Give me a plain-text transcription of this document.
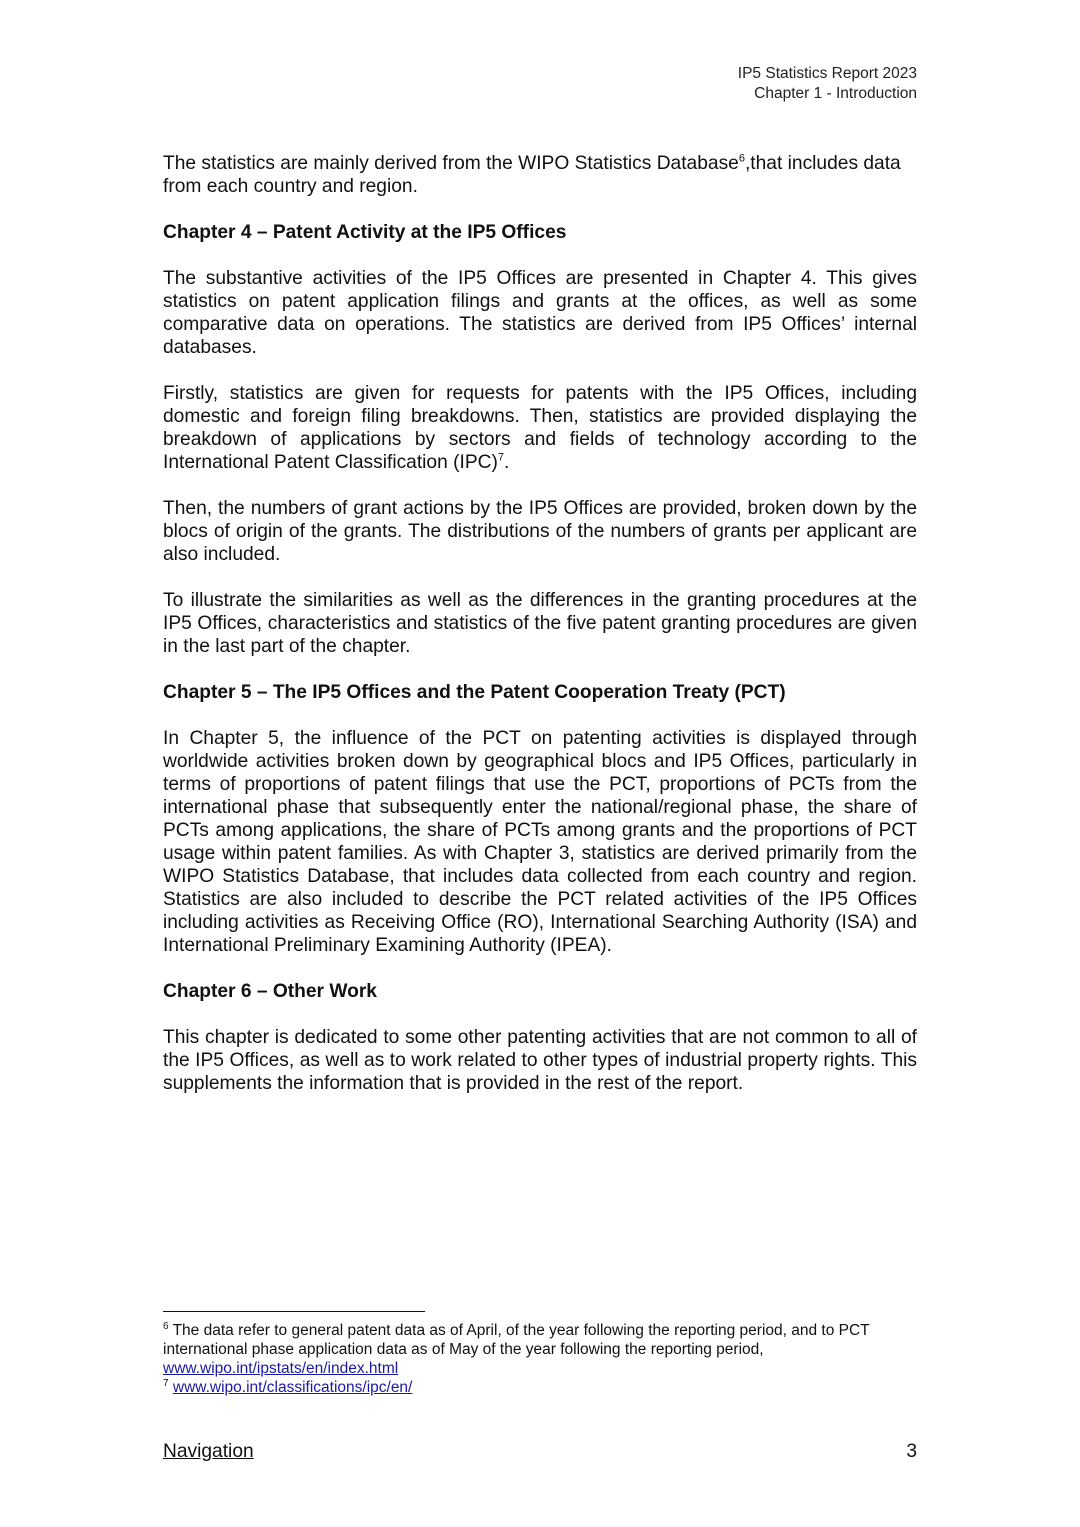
IP5 Statistics Report 2023
Chapter 1 - Introduction

The statistics are mainly derived from the WIPO Statistics Database$^6$,that includes data from each country and region.

Chapter 4 – Patent Activity at the IP5 Offices

The substantive activities of the IP5 Offices are presented in Chapter 4. This gives statistics on patent application filings and grants at the offices, as well as some comparative data on operations. The statistics are derived from IP5 Offices’ internal databases.

Firstly, statistics are given for requests for patents with the IP5 Offices, including domestic and foreign filing breakdowns. Then, statistics are provided displaying the breakdown of applications by sectors and fields of technology according to the International Patent Classification (IPC)$^7$.

Then, the numbers of grant actions by the IP5 Offices are provided, broken down by the blocs of origin of the grants. The distributions of the numbers of grants per applicant are also included.

To illustrate the similarities as well as the differences in the granting procedures at the IP5 Offices, characteristics and statistics of the five patent granting procedures are given in the last part of the chapter.

Chapter 5 – The IP5 Offices and the Patent Cooperation Treaty (PCT)

In Chapter 5, the influence of the PCT on patenting activities is displayed through worldwide activities broken down by geographical blocs and IP5 Offices, particularly in terms of proportions of patent filings that use the PCT, proportions of PCTs from the international phase that subsequently enter the national/regional phase, the share of PCTs among applications, the share of PCTs among grants and the proportions of PCT usage within patent families. As with Chapter 3, statistics are derived primarily from the WIPO Statistics Database, that includes data collected from each country and region. Statistics are also included to describe the PCT related activities of the IP5 Offices including activities as Receiving Office (RO), International Searching Authority (ISA) and International Preliminary Examining Authority (IPEA).

Chapter 6 – Other Work

This chapter is dedicated to some other patenting activities that are not common to all of the IP5 Offices, as well as to work related to other types of industrial property rights. This supplements the information that is provided in the rest of the report.

$^6$ The data refer to general patent data as of April, of the year following the reporting period, and to PCT international phase application data as of May of the year following the reporting period,
www.wipo.int/ipstats/en/index.html
$^7$ www.wipo.int/classifications/ipc/en/
Navigation	3
